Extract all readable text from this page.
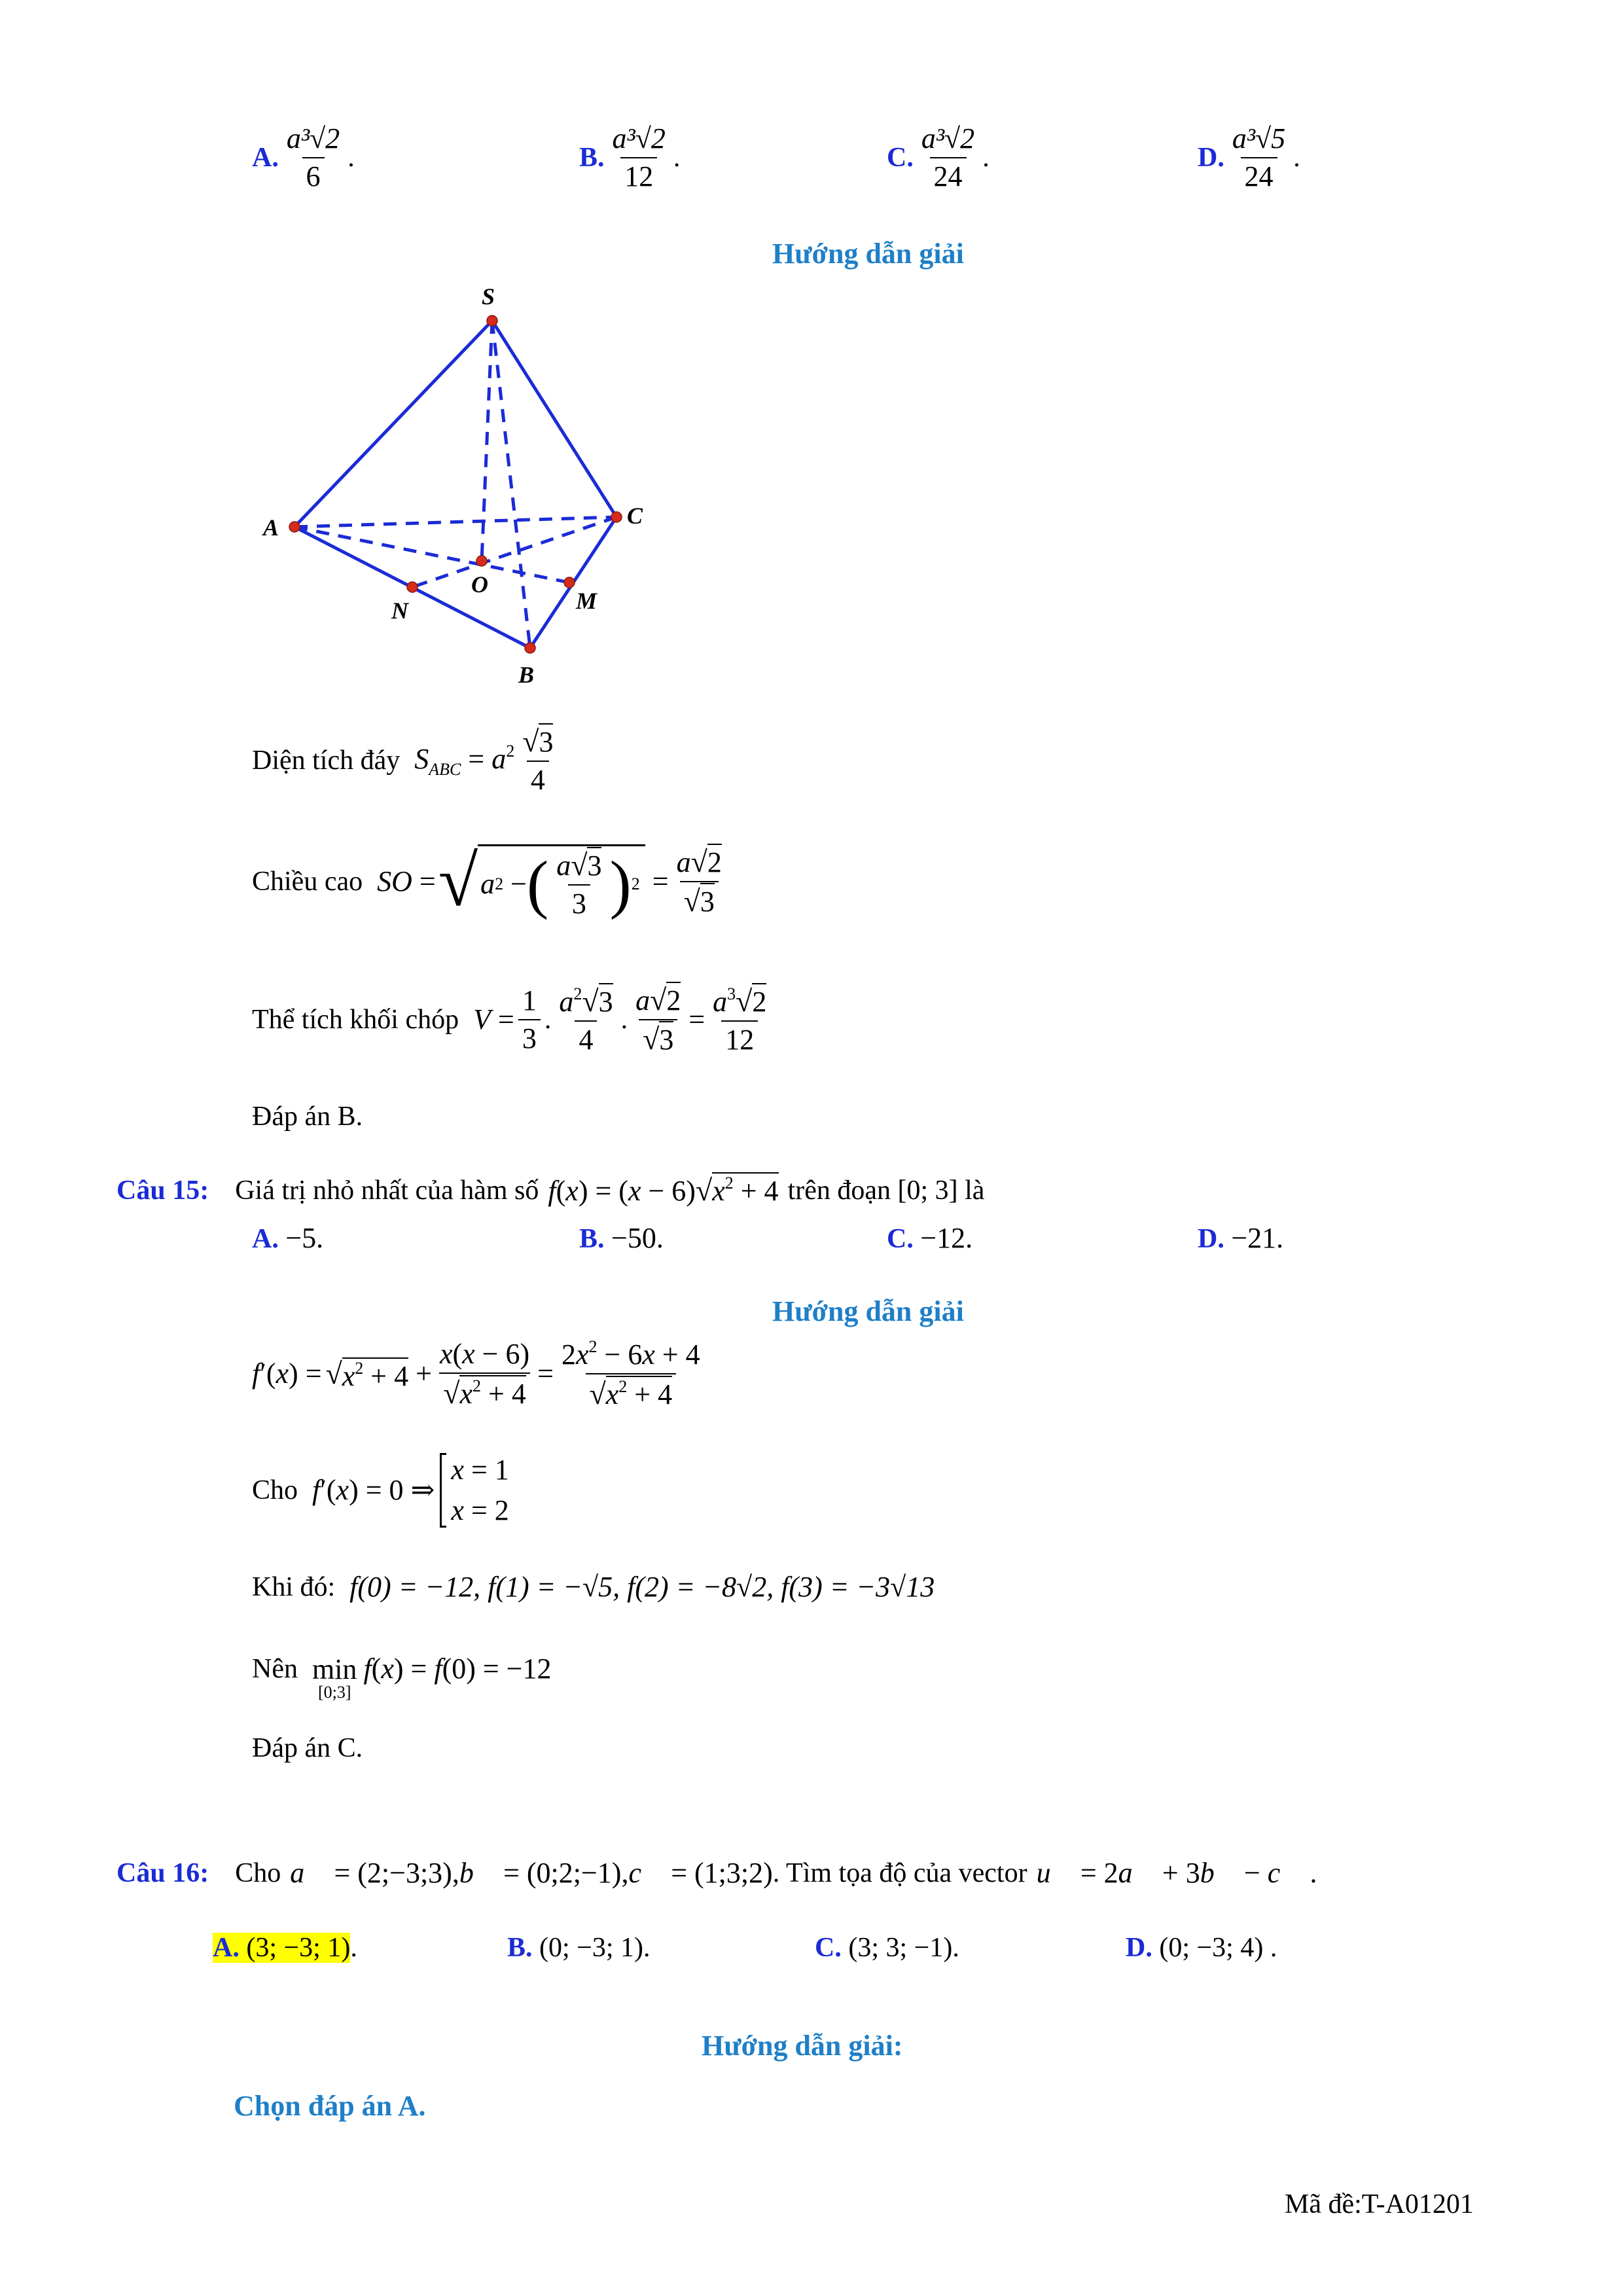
A. $\frac{\text{a³√2}}{6}$ .	B. $\frac{\text{a³√2}}{12}$ .	C. $\frac{\text{a³√2}}{24}$ .	D. $\frac{\text{a³√5}}{24}$ .
Hướng dẫn giải
S
A	C
O
N	M
B
Diện tích đáy $S_{ABC} = a^2 \frac{√3}{4}$
Chiều cao SO = √ a 2 − ( $\frac{a√3}{3}$ ) $2 = \frac{a√2}{√3}$
Thể tích khối chóp $V = \frac{1}{3}$ . $\frac{a^2√3}{4}$ . $\frac{a√2}{√3} = \frac{a^3√2}{12}$
Đáp án B.
Câu 15: Giá trị nhỏ nhất của hàm số $f(x) = (x - 6)√x^2 + 4$ trên đoạn [0; 3] là
A. −5.	B. −50.	C. −12.	D. −21.
Hướng dẫn giải
f ′( x ) = √ $x^2 + 4 + \frac{x(x - 6)}{√x^2 + 4} = \frac{2x^2 - 6x + 4}{√x^2 + 4}$
Cho f′(x) = 0 ⇒
x = 1
x = 2
Khi đó: f(0) = −12, f(1) = −√5, f(2) = −8√2, f(3) = −3√13
Nên min
[0;3]
f(x) = f(0) = −12
Đáp án C.
Câu 16: Cho a⃗ = (2;−3;3),b⃗ = (0;2;−1),c⃗ = (1;3;2) . Tìm tọa độ của vector u⃗ = 2a⃗ + 3b⃗ − c⃗ .
A. (3; −3; 1).	B. (0; −3; 1).	C. (3; 3; −1).	D. (0; −3; 4) .
Hướng dẫn giải:
Chọn đáp án A.
Mã đề:T-A01201
